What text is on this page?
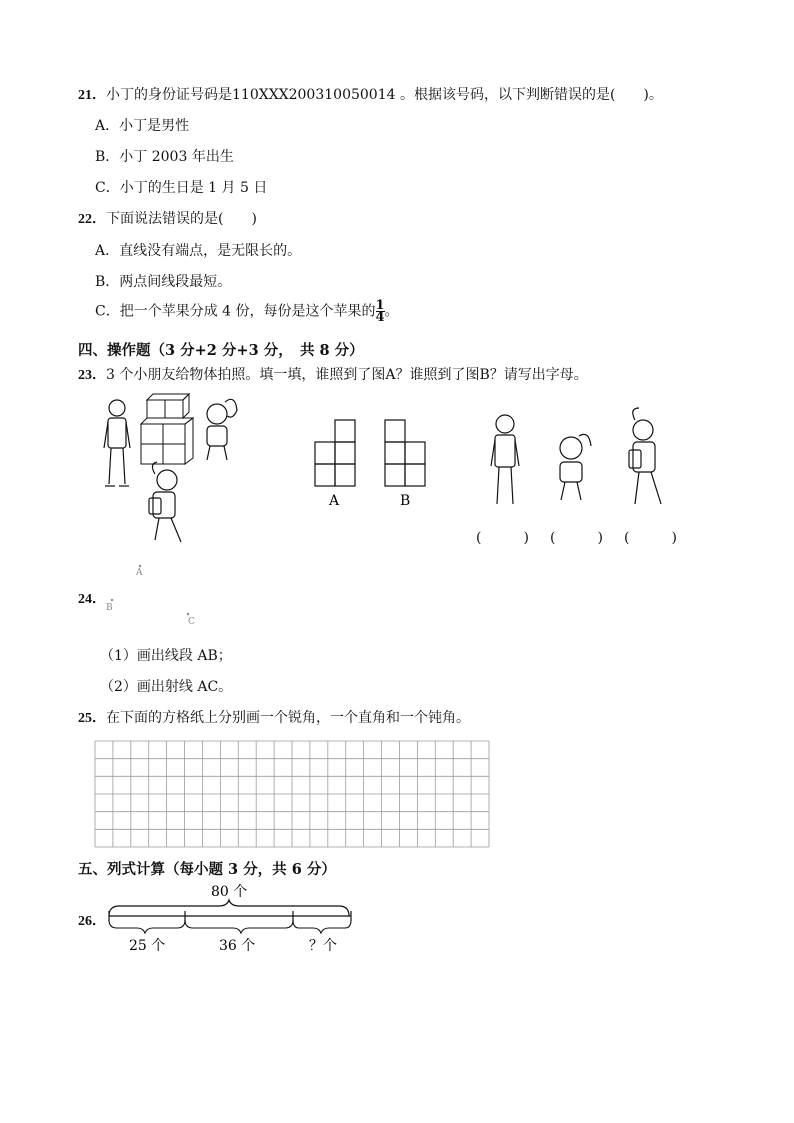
21．小丁的身份证号码是110XXX200310050014 。根据该号码，以下判断错误的是(　　)。
A．小丁是男性
B．小丁 2003 年出生
C．小丁的生日是 1 月 5 日
22．下面说法错误的是(　　)
A．直线没有端点，是无限长的。
B．两点间线段最短。
C．把一个苹果分成 4 份，每份是这个苹果的 $\frac{1}{4}$ 。
四、操作题（3 分+2 分+3 分，　共 8 分）
23．3 个小朋友给物体拍照。填一填，谁照到了图A？谁照到了图B？请写出字母。
A	B
(　　　) (　　　) (　　　)
24．
A
B
C
（1）画出线段 AB；
（2）画出射线 AC。
25．在下面的方格纸上分别画一个锐角，一个直角和一个钝角。
五、列式计算（每小题 3 分，共 6 分）
26．
80 个
25 个	36 个	？个
